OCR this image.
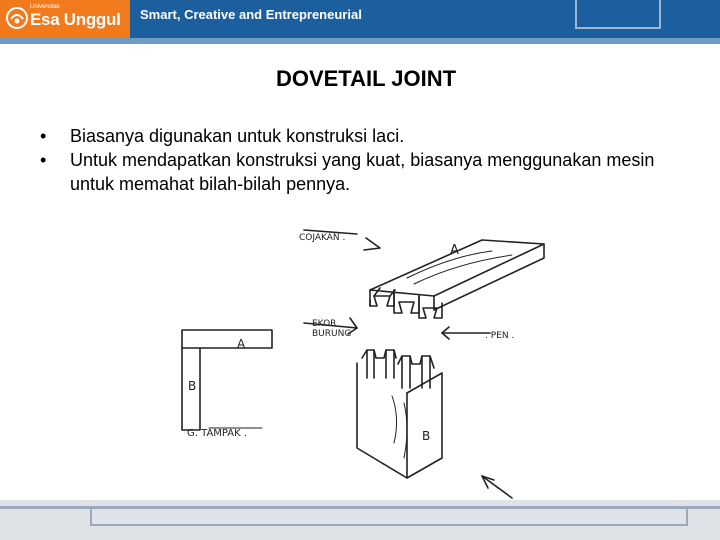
Universitas
Esa Unggul Smart, Creative and Entrepreneurial
DOVETAIL JOINT
• Biasanya digunakan untuk konstruksi laci.
• Untuk mendapatkan konstruksi yang kuat, biasanya menggunakan mesin untuk memahat bilah-bilah pennya.
COJAKAN .
EKOR
BURUNG	. PEN .
G. TAMPAK .
A
A
B
B
